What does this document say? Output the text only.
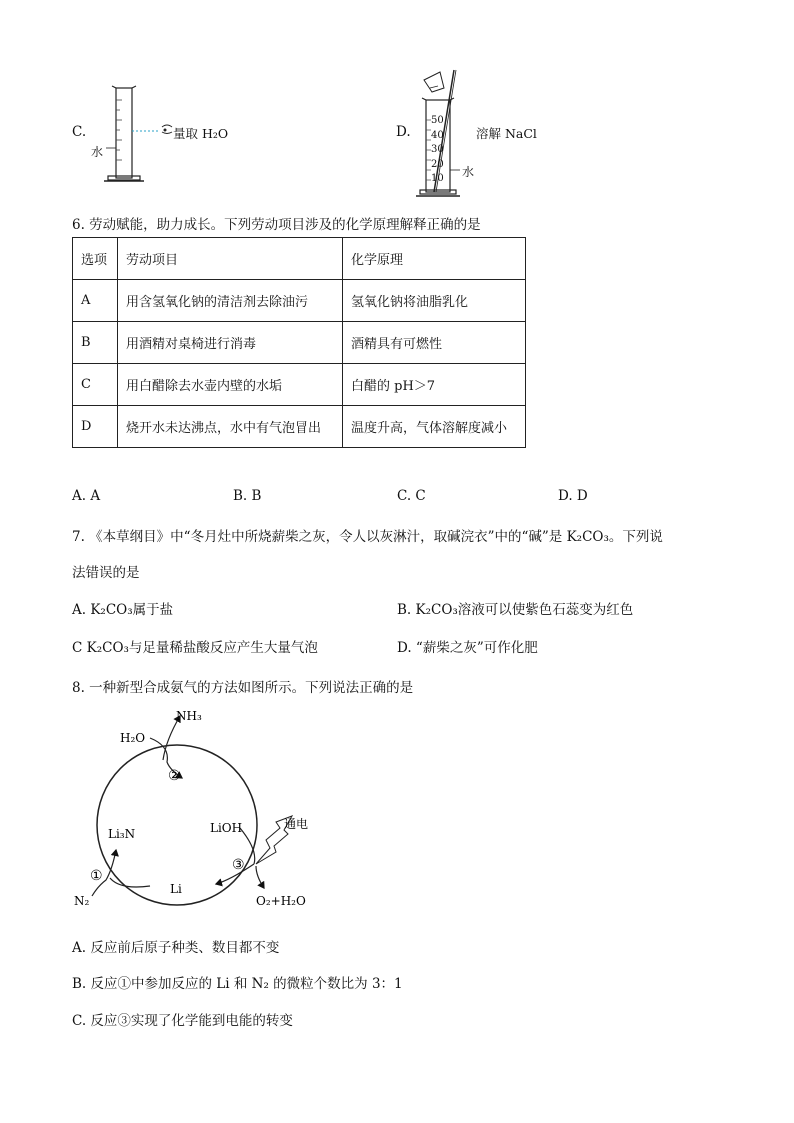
C.
水
量取 H₂O	D.
50
40
30
20
10 水
溶解 NaCl
6. 劳动赋能，助力成长。下列劳动项目涉及的化学原理解释正确的是
选项	劳动项目	化学原理
A	用含氢氧化钠的清洁剂去除油污	氢氧化钠将油脂乳化
B	用酒精对桌椅进行消毒	酒精具有可燃性
C	用白醋除去水壶内壁的水垢	白醋的 pH＞7
D	烧开水未达沸点，水中有气泡冒出	温度升高，气体溶解度减小
A. A	B. B	C. C	D. D
7. 《本草纲目》中“冬月灶中所烧薪柴之灰，令人以灰淋汁，取碱浣衣”中的“碱”是 K₂CO₃。下列说
法错误的是
A. K₂CO₃属于盐	B. K₂CO₃溶液可以使紫色石蕊变为红色
C K₂CO₃与足量稀盐酸反应产生大量气泡	D. “薪柴之灰”可作化肥
8. 一种新型合成氨气的方法如图所示。下列说法正确的是
NH₃
H₂O
②
Li₃N	LiOH	通电
③
①
Li
N₂	O₂+H₂O
A. 反应前后原子种类、数目都不变
B. 反应①中参加反应的 Li 和 N₂ 的微粒个数比为 3：1
C. 反应③实现了化学能到电能的转变
